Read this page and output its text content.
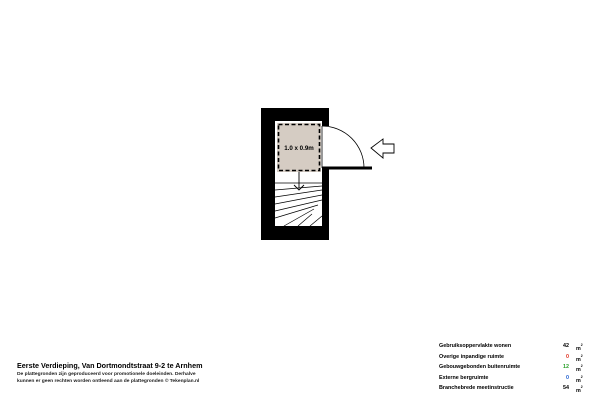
1.0 x 0.9m
Eerste Verdieping, Van Dortmondtstraat 9-2 te Arnhem
De plattegronden zijn geproduceerd voor promotionele doeleinden. Derhalve
kunnen er geen rechten worden ontleend aan de plattegronden © Tekenplan.nl
Gebruiksoppervlakte wonen	42 $m^2$
Overige inpandige ruimte	0 $m^2$
Gebouwgebonden buitenruimte	12 $m^2$
Externe bergruimte	0 $m^2$
Branchebrede meetinstructie	54 $m^2$
